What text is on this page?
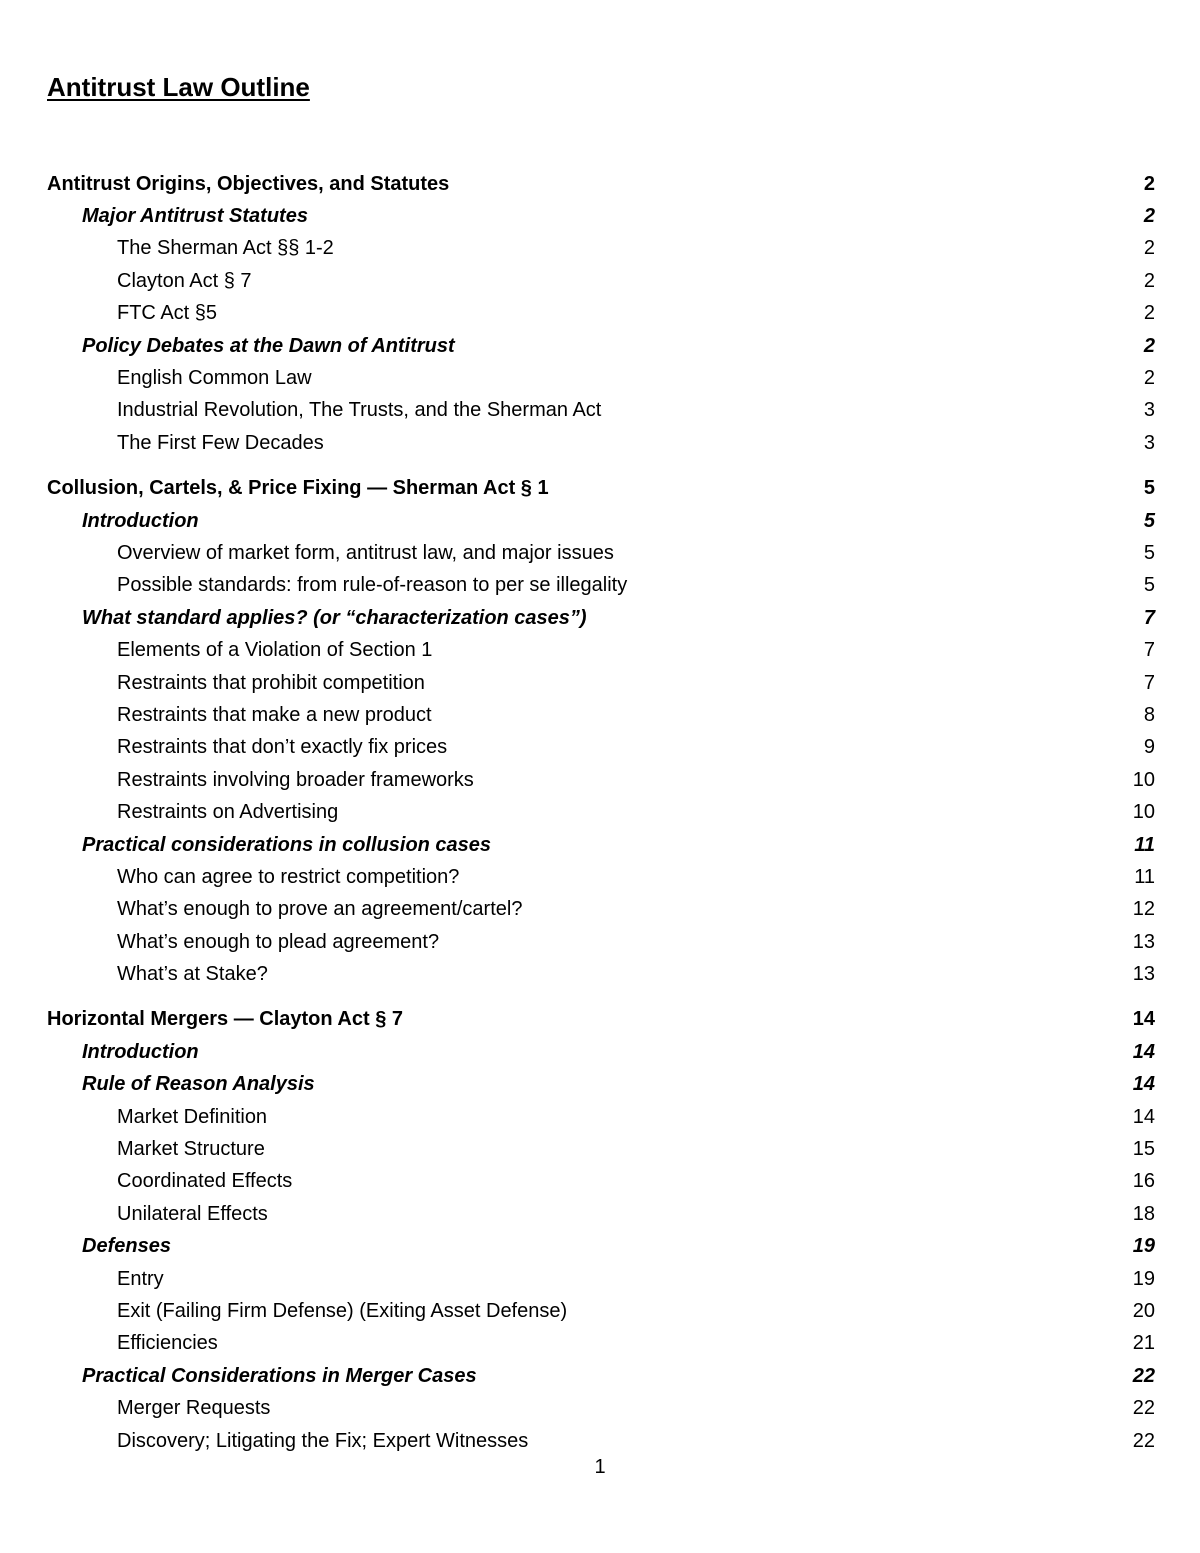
Antitrust Law Outline
Antitrust Origins, Objectives, and Statutes	2
Major Antitrust Statutes	2
The Sherman Act §§ 1-2	2
Clayton Act § 7	2
FTC Act §5	2
Policy Debates at the Dawn of Antitrust	2
English Common Law	2
Industrial Revolution, The Trusts, and the Sherman Act	3
The First Few Decades	3
Collusion, Cartels, & Price Fixing — Sherman Act § 1	5
Introduction	5
Overview of market form, antitrust law, and major issues	5
Possible standards: from rule-of-reason to per se illegality	5
What standard applies? (or “characterization cases”)	7
Elements of a Violation of Section 1	7
Restraints that prohibit competition	7
Restraints that make a new product	8
Restraints that don’t exactly fix prices	9
Restraints involving broader frameworks	10
Restraints on Advertising	10
Practical considerations in collusion cases	11
Who can agree to restrict competition?	11
What’s enough to prove an agreement/cartel?	12
What’s enough to plead agreement?	13
What’s at Stake?	13
Horizontal Mergers — Clayton Act § 7	14
Introduction	14
Rule of Reason Analysis	14
Market Definition	14
Market Structure	15
Coordinated Effects	16
Unilateral Effects	18
Defenses	19
Entry	19
Exit (Failing Firm Defense) (Exiting Asset Defense)	20
Efficiencies	21
Practical Considerations in Merger Cases	22
Merger Requests	22
Discovery; Litigating the Fix; Expert Witnesses	22
1
